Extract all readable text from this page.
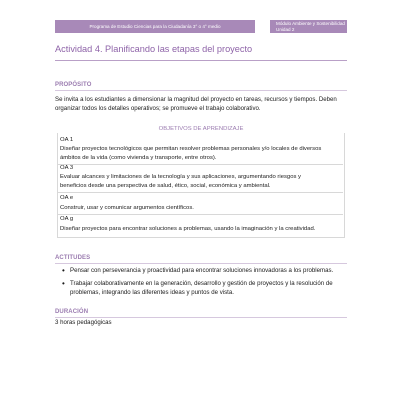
Programa de Estudio Ciencias para la Ciudadanía 3° o 4° medio
Módulo Ambiente y Sostenibilidad
Unidad 2
Actividad 4. Planificando las etapas del proyecto
PROPÓSITO
Se invita a los estudiantes a dimensionar la magnitud del proyecto en tareas, recursos y tiempos. Deben
organizar todos los detalles operativos; se promueve el trabajo colaborativo.
OBJETIVOS DE APRENDIZAJE
OA 1
Diseñar proyectos tecnológicos que permitan resolver problemas personales y/o locales de diversos
ámbitos de la vida (como vivienda y transporte, entre otros).
OA 3
Evaluar alcances y limitaciones de la tecnología y sus aplicaciones, argumentando riesgos y
beneficios desde una perspectiva de salud, ético, social, económica y ambiental.
OA e
Construir, usar y comunicar argumentos científicos.
OA g
Diseñar proyectos para encontrar soluciones a problemas, usando la imaginación y la creatividad.
ACTITUDES
• Pensar con perseverancia y proactividad para encontrar soluciones innovadoras a los problemas.
• Trabajar colaborativamente en la generación, desarrollo y gestión de proyectos y la resolución de
problemas, integrando las diferentes ideas y puntos de vista.
DURACIÓN
3 horas pedagógicas
